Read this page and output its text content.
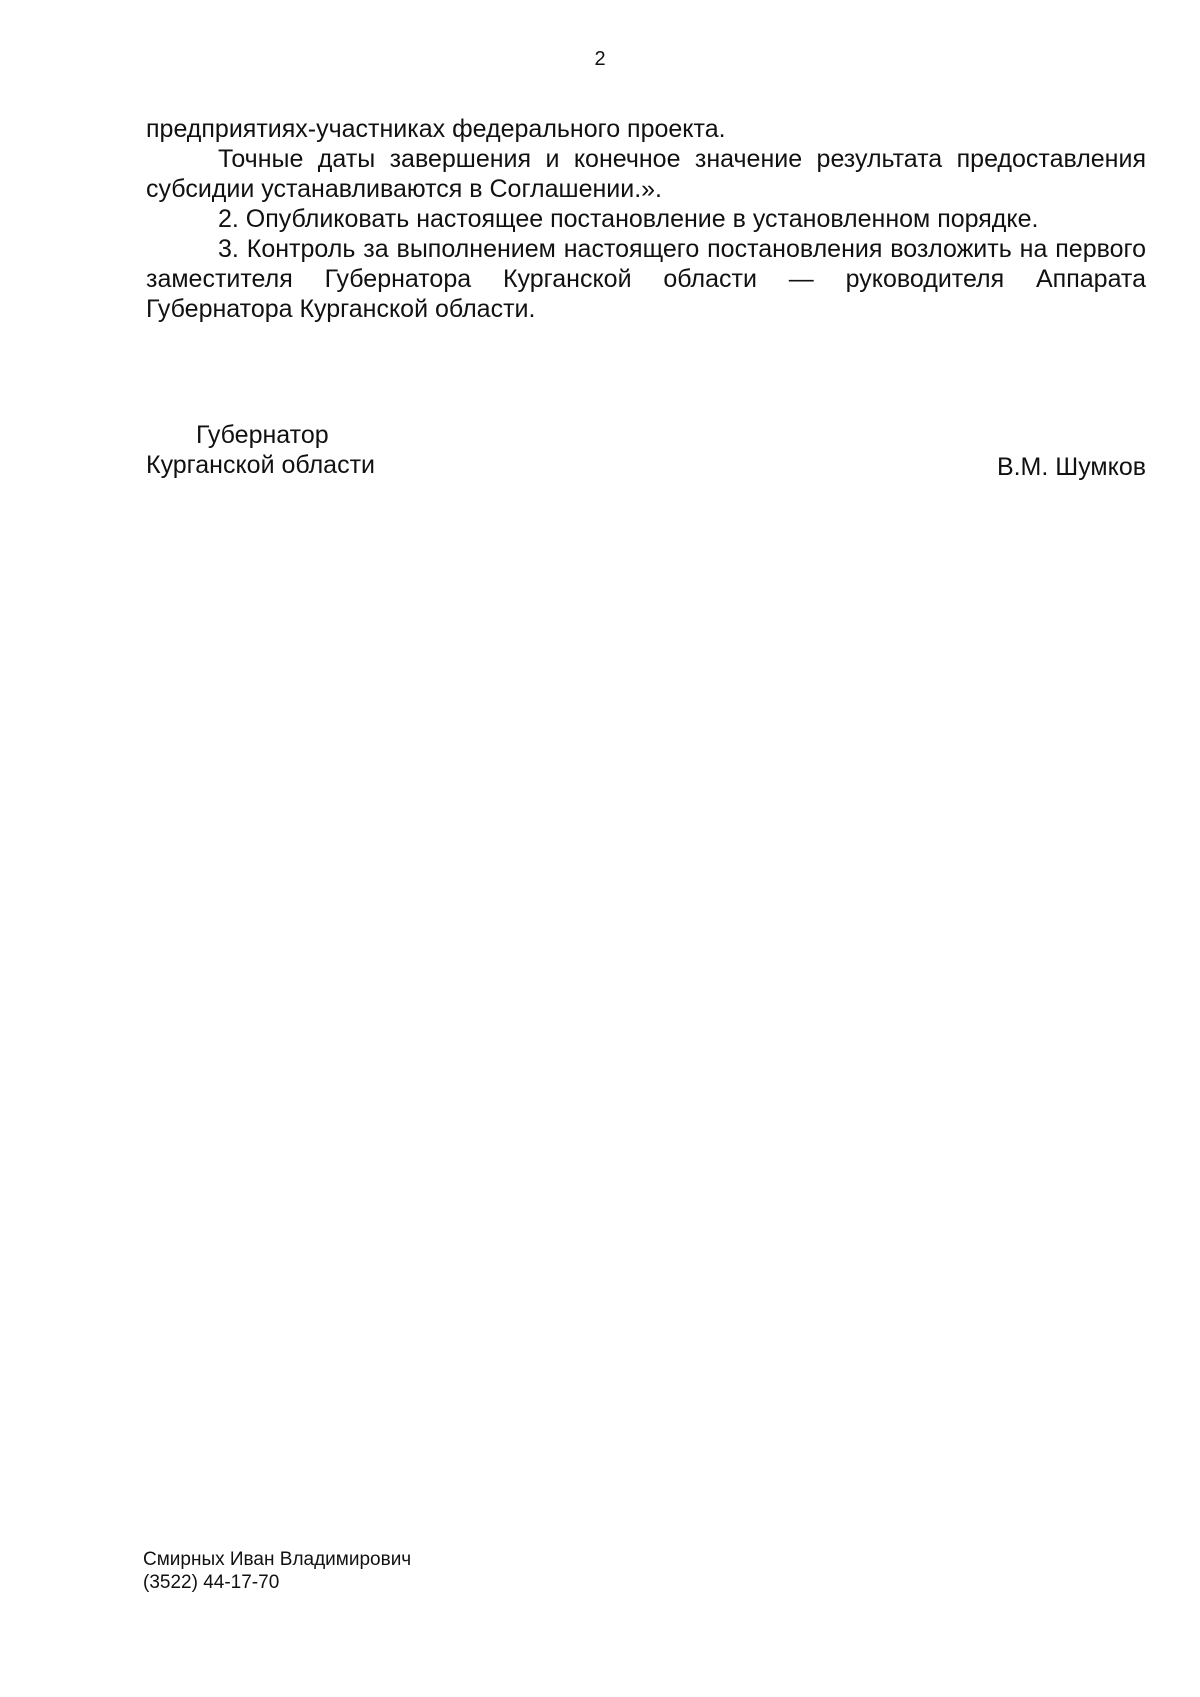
2

предприятиях-участниках федерального проекта.

Точные даты завершения и конечное значение результата предоставления субсидии устанавливаются в Соглашении.».

2. Опубликовать настоящее постановление в установленном порядке.

3. Контроль за выполнением настоящего постановления возложить на первого заместителя Губернатора Курганской области — руководителя Аппарата Губернатора Курганской области.

Губернатор
Курганской области	В.М. Шумков
Смирных Иван Владимирович
(3522) 44-17-70
